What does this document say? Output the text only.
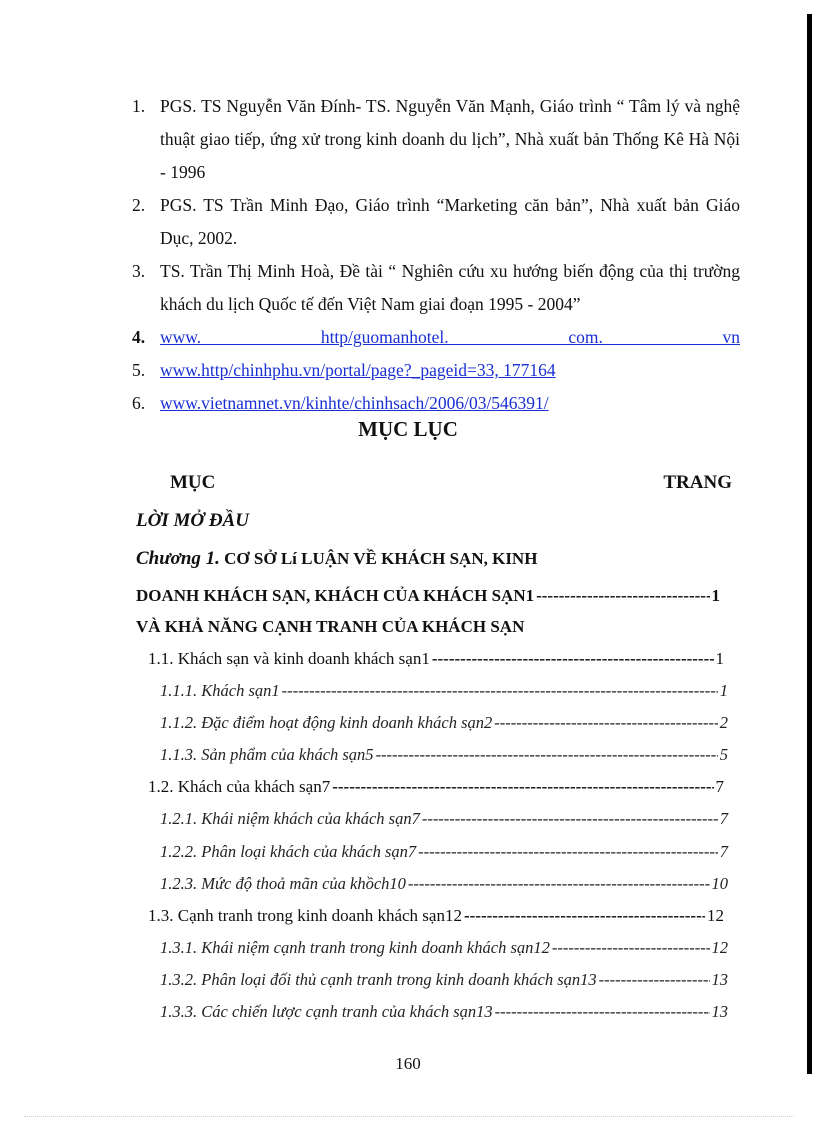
1. PGS. TS Nguyễn Văn Đính- TS. Nguyễn Văn Mạnh, Giáo trình “ Tâm lý và nghệ thuật giao tiếp, ứng xử trong kinh doanh du lịch”, Nhà xuất bản Thống Kê Hà Nội - 1996
2. PGS. TS Trần Minh Đạo, Giáo trình “Marketing căn bản”, Nhà xuất bản Giáo Dục, 2002.
3. TS. Trần Thị Minh Hoà, Đề tài “ Nghiên cứu xu hướng biến động của thị trường khách du lịch Quốc tế đến Việt Nam giai đoạn 1995 - 2004”
4. www. http/guomanhotel. com. vn
5. www.http/chinhphu.vn/portal/page?_pageid=33, 177164
6. www.vietnamnet.vn/kinhte/chinhsach/2006/03/546391/
MỤC LỤC
MỤC	TRANG
LỜI MỞ ĐẦU
Chương 1. CƠ SỞ Lí LUẬN VỀ KHÁCH SẠN, KINH
DOANH KHÁCH SẠN, KHÁCH CỦA KHÁCH SẠN1 -----	1
VÀ KHẢ NĂNG CẠNH TRANH CỦA KHÁCH SẠN
1.1. Khách sạn và kinh doanh khách sạn1 -----	1
1.1.1. Khách sạn1 -----	1
1.1.2. Đặc điểm hoạt động kinh doanh khách sạn2 -----	2
1.1.3. Sản phẩm của khách sạn5 -----	5
1.2. Khách của khách sạn7 -----	7
1.2.1. Khái niệm khách của khách sạn7 -----	7
1.2.2. Phân loại khách của khách sạn7 -----	7
1.2.3. Mức độ thoả mãn của khồch10 -----	10
1.3. Cạnh tranh trong kinh doanh khách sạn12 -----	12
1.3.1. Khái niệm cạnh tranh trong kinh doanh khách sạn12 -----	12
1.3.2. Phân loại đối thủ cạnh tranh trong kinh doanh khách sạn13 -----	13
1.3.3. Các chiến lược cạnh tranh của khách sạn13 -----	13
160
